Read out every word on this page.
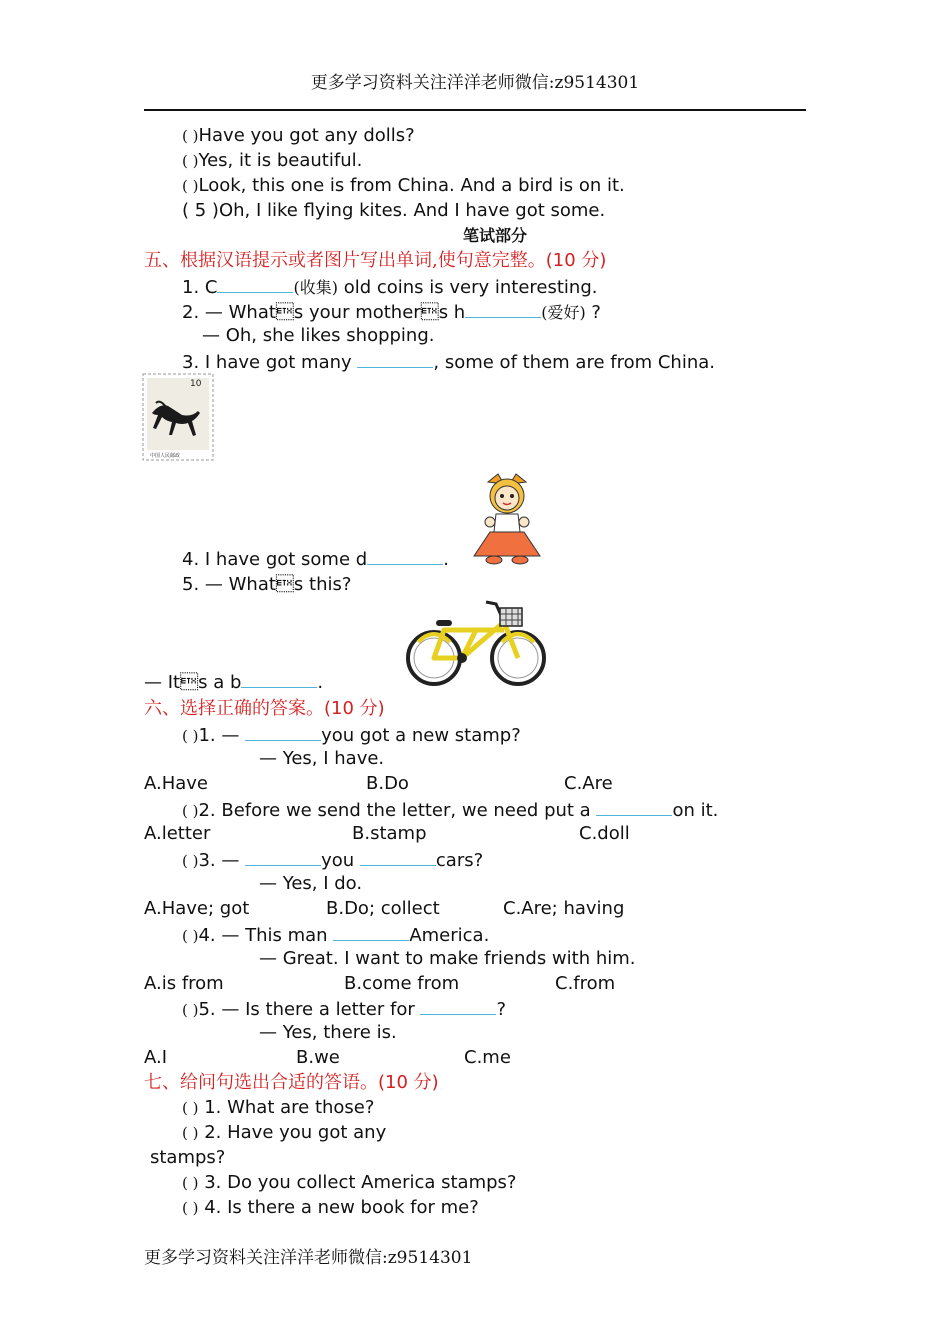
更多学习资料关注洋洋老师微信:z9514301
( )Have you got any dolls?
( )Yes, it is beautiful.
( )Look, this one is from China. And a bird is on it.
( 5 )Oh, I like flying kites. And I have got some.
笔试部分
五、根据汉语提示或者图片写出单词,使句意完整。(10 分)
1. C	(收集) old coins is very interesting.
2. — Whats your mothers h	(爱好) ?
— Oh, she likes shopping.
3. I have got many	, some of them are from China.
10
中国人民邮政
4. I have got some d	.
5. — Whats this?
— Its a b	.
六、选择正确的答案。(10 分)
( )1. —	you got a new stamp?
— Yes, I have.
A.Have	B.Do	C.Are
( )2. Before we send the letter, we need put a	on it.
A.letter	B.stamp	C.doll
( )3. —	you	cars?
— Yes, I do.
A.Have; got	B.Do; collect	C.Are; having
( )4. — This man	America.
— Great. I want to make friends with him.
A.is from	B.come from	C.from
( )5. — Is there a letter for	?
— Yes, there is.
A.I	B.we	C.me
七、给问句选出合适的答语。(10 分)
( ) 1. What are those?
( ) 2. Have you got any
stamps?
( ) 3. Do you collect America stamps?
( ) 4. Is there a new book for me?
更多学习资料关注洋洋老师微信:z9514301
